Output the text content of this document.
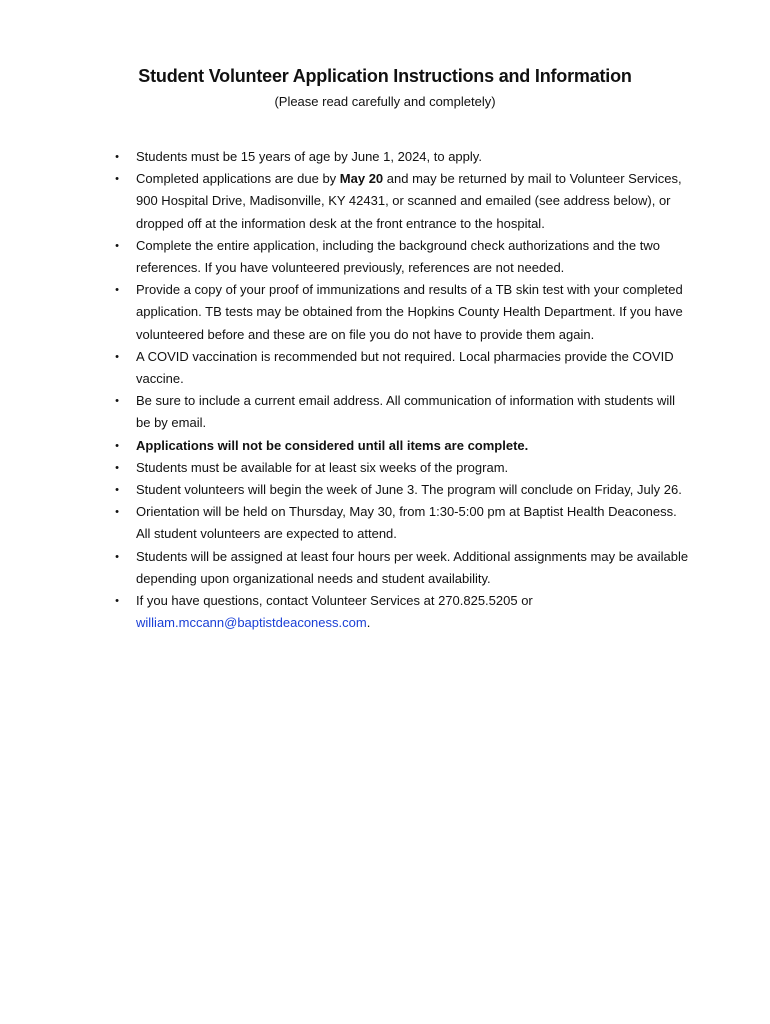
Student Volunteer Application Instructions and Information
(Please read carefully and completely)
•	Students must be 15 years of age by June 1, 2024, to apply.
•	Completed applications are due by May 20 and may be returned by mail to Volunteer Services, 900 Hospital Drive, Madisonville, KY 42431, or scanned and emailed (see address below), or dropped off at the information desk at the front entrance to the hospital.
•	Complete the entire application, including the background check authorizations and the two references. If you have volunteered previously, references are not needed.
•	Provide a copy of your proof of immunizations and results of a TB skin test with your completed application. TB tests may be obtained from the Hopkins County Health Department. If you have volunteered before and these are on file you do not have to provide them again.
•	A COVID vaccination is recommended but not required. Local pharmacies provide the COVID vaccine.
•	Be sure to include a current email address. All communication of information with students will be by email.
•	Applications will not be considered until all items are complete.
•	Students must be available for at least six weeks of the program.
•	Student volunteers will begin the week of June 3. The program will conclude on Friday, July 26.
•	Orientation will be held on Thursday, May 30, from 1:30-5:00 pm at Baptist Health Deaconess. All student volunteers are expected to attend.
•	Students will be assigned at least four hours per week. Additional assignments may be available depending upon organizational needs and student availability.
•	If you have questions, contact Volunteer Services at 270.825.5205 or william.mccann@baptistdeaconess.com.
